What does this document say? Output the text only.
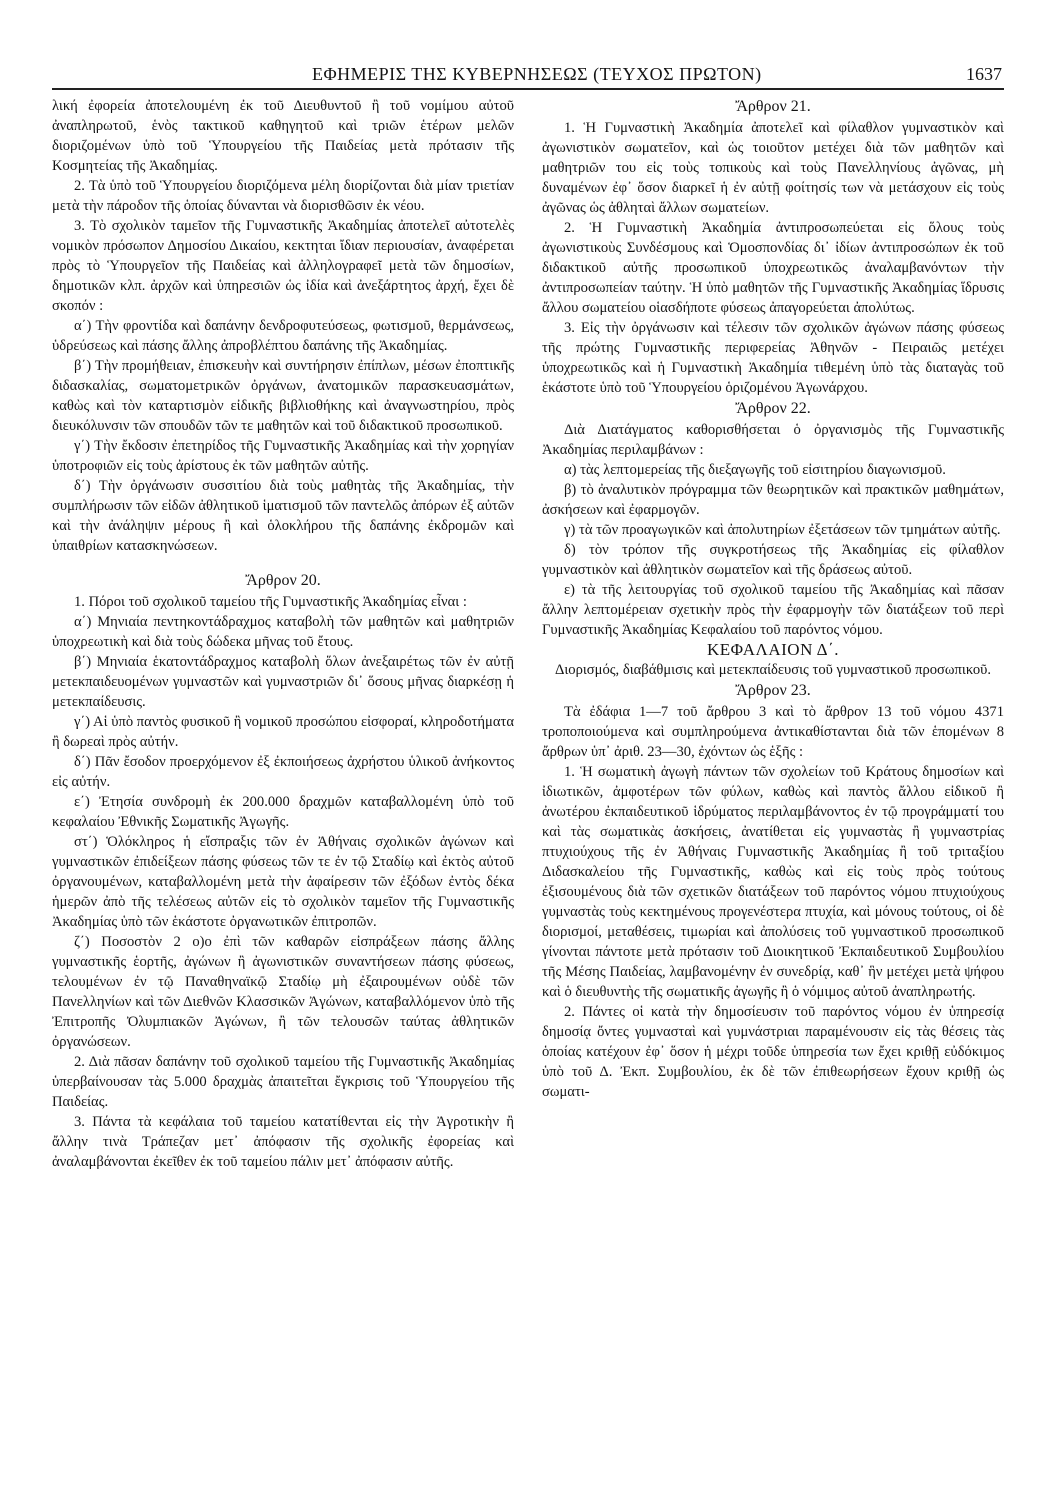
ΕΦΗΜΕΡΙΣ ΤΗΣ ΚΥΒΕΡΝΗΣΕΩΣ (ΤΕΥΧΟΣ ΠΡΩΤΟΝ)	1637

λική ἐφορεία ἀποτελουμένη ἐκ τοῦ Διευθυντοῦ ἢ τοῦ νομίμου αὐτοῦ ἀναπληρωτοῦ, ἑνὸς τακτικοῦ καθηγητοῦ καὶ τριῶν ἑτέρων μελῶν διοριζομένων ὑπὸ τοῦ Ὑπουργείου τῆς Παιδείας μετὰ πρότασιν τῆς Κοσμητείας τῆς Ἀκαδημίας.

2. Τὰ ὑπὸ τοῦ Ὑπουργείου διοριζόμενα μέλη διορίζονται διὰ μίαν τριετίαν μετὰ τὴν πάροδον τῆς ὁποίας δύνανται νὰ διορισθῶσιν ἐκ νέου.

3. Τὸ σχολικὸν ταμεῖον τῆς Γυμναστικῆς Ἀκαδημίας ἀποτελεῖ αὐτοτελὲς νομικὸν πρόσωπον Δημοσίου Δικαίου, κεκτηται ἴδιαν περιουσίαν, ἀναφέρεται πρὸς τὸ Ὑπουργεῖον τῆς Παιδείας καὶ ἀλληλογραφεῖ μετὰ τῶν δημοσίων, δημοτικῶν κλπ. ἀρχῶν καὶ ὑπηρεσιῶν ὡς ἰδία καὶ ἀνεξάρτητος ἀρχή, ἔχει δὲ σκοπόν :

α΄) Τὴν φροντίδα καὶ δαπάνην δενδροφυτεύσεως, φωτισμοῦ, θερμάνσεως, ὑδρεύσεως καὶ πάσης ἄλλης ἀπροβλέπτου δαπάνης τῆς Ἀκαδημίας.

β΄) Τὴν προμήθειαν, ἐπισκευὴν καὶ συντήρησιν ἐπίπλων, μέσων ἐποπτικῆς διδασκαλίας, σωματομετρικῶν ὀργάνων, ἀνατομικῶν παρασκευασμάτων, καθὼς καὶ τὸν καταρτισμὸν εἰδικῆς βιβλιοθήκης καὶ ἀναγνωστηρίου, πρὸς διευκόλυνσιν τῶν σπουδῶν τῶν τε μαθητῶν καὶ τοῦ διδακτικοῦ προσωπικοῦ.

γ΄) Τὴν ἔκδοσιν ἐπετηρίδος τῆς Γυμναστικῆς Ἀκαδημίας καὶ τὴν χορηγίαν ὑποτροφιῶν εἰς τοὺς ἀρίστους ἐκ τῶν μαθητῶν αὐτῆς.

δ΄) Τὴν ὀργάνωσιν συσσιτίου διὰ τοὺς μαθητὰς τῆς Ἀκαδημίας, τὴν συμπλήρωσιν τῶν εἰδῶν ἀθλητικοῦ ἱματισμοῦ τῶν παντελῶς ἀπόρων ἐξ αὐτῶν καὶ τὴν ἀνάληψιν μέρους ἢ καὶ ὁλοκλήρου τῆς δαπάνης ἐκδρομῶν καὶ ὑπαιθρίων κατασκηνώσεων.

Ἄρθρον 20.

1. Πόροι τοῦ σχολικοῦ ταμείου τῆς Γυμναστικῆς Ἀκαδημίας εἶναι :

α΄) Μηνιαία πεντηκοντάδραχμος καταβολὴ τῶν μαθητῶν καὶ μαθητριῶν ὑποχρεωτικὴ καὶ διὰ τοὺς δώδεκα μῆνας τοῦ ἔτους.

β΄) Μηνιαία ἑκατοντάδραχμος καταβολὴ ὅλων ἀνεξαιρέτως τῶν ἐν αὐτῇ μετεκπαιδευομένων γυμναστῶν καὶ γυμναστριῶν δι᾽ ὅσους μῆνας διαρκέσῃ ἡ μετεκπαίδευσις.

γ΄) Αἱ ὑπὸ παντὸς φυσικοῦ ἢ νομικοῦ προσώπου εἰσφοραί, κληροδοτήματα ἢ δωρεαὶ πρὸς αὐτήν.

δ΄) Πᾶν ἔσοδον προερχόμενον ἐξ ἐκποιήσεως ἀχρήστου ὑλικοῦ ἀνήκοντος εἰς αὐτήν.

ε΄) Ἐτησία συνδρομὴ ἐκ 200.000 δραχμῶν καταβαλλομένη ὑπὸ τοῦ κεφαλαίου Ἐθνικῆς Σωματικῆς Ἀγωγῆς.

στ΄) Ὁλόκληρος ἡ εἴσπραξις τῶν ἐν Ἀθήναις σχολικῶν ἀγώνων καὶ γυμναστικῶν ἐπιδείξεων πάσης φύσεως τῶν τε ἐν τῷ Σταδίῳ καὶ ἐκτὸς αὐτοῦ ὀργανουμένων, καταβαλλομένη μετὰ τὴν ἀφαίρεσιν τῶν ἐξόδων ἐντὸς δέκα ἡμερῶν ἀπὸ τῆς τελέσεως αὐτῶν εἰς τὸ σχολικὸν ταμεῖον τῆς Γυμναστικῆς Ἀκαδημίας ὑπὸ τῶν ἑκάστοτε ὀργανωτικῶν ἐπιτροπῶν.

ζ΄) Ποσοστὸν 2 ο)ο ἐπὶ τῶν καθαρῶν εἰσπράξεων πάσης ἄλλης γυμναστικῆς ἑορτῆς, ἀγώνων ἢ ἀγωνιστικῶν συναντήσεων πάσης φύσεως, τελουμένων ἐν τῷ Παναθηναϊκῷ Σταδίῳ μὴ ἐξαιρουμένων οὐδὲ τῶν Πανελληνίων καὶ τῶν Διεθνῶν Κλασσικῶν Ἀγώνων, καταβαλλόμενον ὑπὸ τῆς Ἐπιτροπῆς Ὀλυμπιακῶν Ἀγώνων, ἢ τῶν τελουσῶν ταύτας ἀθλητικῶν ὀργανώσεων.

2. Διὰ πᾶσαν δαπάνην τοῦ σχολικοῦ ταμείου τῆς Γυμναστικῆς Ἀκαδημίας ὑπερβαίνουσαν τὰς 5.000 δραχμὰς ἀπαιτεῖται ἔγκρισις τοῦ Ὑπουργείου τῆς Παιδείας.

3. Πάντα τὰ κεφάλαια τοῦ ταμείου κατατίθενται εἰς τὴν Ἀγροτικὴν ἢ ἄλλην τινὰ Τράπεζαν μετ᾽ ἀπόφασιν τῆς σχολικῆς ἐφορείας καὶ ἀναλαμβάνονται ἐκεῖθεν ἐκ τοῦ ταμείου πάλιν μετ᾽ ἀπόφασιν αὐτῆς.

Ἄρθρον 21.

1. Ἡ Γυμναστικὴ Ἀκαδημία ἀποτελεῖ καὶ φίλαθλον γυμναστικὸν καὶ ἀγωνιστικὸν σωματεῖον, καὶ ὡς τοιοῦτον μετέχει διὰ τῶν μαθητῶν καὶ μαθητριῶν του εἰς τοὺς τοπικοὺς καὶ τοὺς Πανελληνίους ἀγῶνας, μὴ δυναμένων ἐφ᾽ ὅσον διαρκεῖ ἡ ἐν αὐτῇ φοίτησίς των νὰ μετάσχουν εἰς τοὺς ἀγῶνας ὡς ἀθληταὶ ἄλλων σωματείων.

2. Ἡ Γυμναστικὴ Ἀκαδημία ἀντιπροσωπεύεται εἰς ὅλους τοὺς ἀγωνιστικοὺς Συνδέσμους καὶ Ὁμοσπονδίας δι᾽ ἰδίων ἀντιπροσώπων ἐκ τοῦ διδακτικοῦ αὐτῆς προσωπικοῦ ὑποχρεωτικῶς ἀναλαμβανόντων τὴν ἀντιπροσωπείαν ταύτην. Ἡ ὑπὸ μαθητῶν τῆς Γυμναστικῆς Ἀκαδημίας ἵδρυσις ἄλλου σωματείου οἱασδήποτε φύσεως ἀπαγορεύεται ἀπολύτως.

3. Εἰς τὴν ὀργάνωσιν καὶ τέλεσιν τῶν σχολικῶν ἀγώνων πάσης φύσεως τῆς πρώτης Γυμναστικῆς περιφερείας Ἀθηνῶν - Πειραιῶς μετέχει ὑποχρεωτικῶς καὶ ἡ Γυμναστικὴ Ἀκαδημία τιθεμένη ὑπὸ τὰς διαταγὰς τοῦ ἑκάστοτε ὑπὸ τοῦ Ὑπουργείου ὁριζομένου Ἀγωνάρχου.

Ἄρθρον 22.

Διὰ Διατάγματος καθορισθήσεται ὁ ὀργανισμὸς τῆς Γυμναστικῆς Ἀκαδημίας περιλαμβάνων :

α) τὰς λεπτομερείας τῆς διεξαγωγῆς τοῦ εἰσιτηρίου διαγωνισμοῦ.

β) τὸ ἀναλυτικὸν πρόγραμμα τῶν θεωρητικῶν καὶ πρακτικῶν μαθημάτων, ἀσκήσεων καὶ ἐφαρμογῶν.

γ) τὰ τῶν προαγωγικῶν καὶ ἀπολυτηρίων ἐξετάσεων τῶν τμημάτων αὐτῆς.

δ) τὸν τρόπον τῆς συγκροτήσεως τῆς Ἀκαδημίας εἰς φίλαθλον γυμναστικὸν καὶ ἀθλητικὸν σωματεῖον καὶ τῆς δράσεως αὐτοῦ.

ε) τὰ τῆς λειτουργίας τοῦ σχολικοῦ ταμείου τῆς Ἀκαδημίας καὶ πᾶσαν ἄλλην λεπτομέρειαν σχετικὴν πρὸς τὴν ἐφαρμογὴν τῶν διατάξεων τοῦ περὶ Γυμναστικῆς Ἀκαδημίας Κεφαλαίου τοῦ παρόντος νόμου.

ΚΕΦΑΛΑΙΟΝ Δ΄.

Διορισμός, διαβάθμισις καὶ μετεκπαίδευσις τοῦ γυμναστικοῦ προσωπικοῦ.

Ἄρθρον 23.

Τὰ ἐδάφια 1—7 τοῦ ἄρθρου 3 καὶ τὸ ἄρθρον 13 τοῦ νόμου 4371 τροποποιούμενα καὶ συμπληρούμενα ἀντικαθίστανται διὰ τῶν ἑπομένων 8 ἄρθρων ὑπ᾽ ἀριθ. 23—30, ἐχόντων ὡς ἑξῆς :

1. Ἡ σωματικὴ ἀγωγὴ πάντων τῶν σχολείων τοῦ Κράτους δημοσίων καὶ ἰδιωτικῶν, ἀμφοτέρων τῶν φύλων, καθὼς καὶ παντὸς ἄλλου εἰδικοῦ ἢ ἀνωτέρου ἐκπαιδευτικοῦ ἱδρύματος περιλαμβάνοντος ἐν τῷ προγράμματί του καὶ τὰς σωματικὰς ἀσκήσεις, ἀνατίθεται εἰς γυμναστὰς ἢ γυμναστρίας πτυχιούχους τῆς ἐν Ἀθήναις Γυμναστικῆς Ἀκαδημίας ἢ τοῦ τριταξίου Διδασκαλείου τῆς Γυμναστικῆς, καθὼς καὶ εἰς τοὺς πρὸς τούτους ἐξισουμένους διὰ τῶν σχετικῶν διατάξεων τοῦ παρόντος νόμου πτυχιούχους γυμναστὰς τοὺς κεκτημένους προγενέστερα πτυχία, καὶ μόνους τούτους, οἱ δὲ διορισμοί, μεταθέσεις, τιμωρίαι καὶ ἀπολύσεις τοῦ γυμναστικοῦ προσωπικοῦ γίνονται πάντοτε μετὰ πρότασιν τοῦ Διοικητικοῦ Ἐκπαιδευτικοῦ Συμβουλίου τῆς Μέσης Παιδείας, λαμβανομένην ἐν συνεδρίᾳ, καθ᾽ ἣν μετέχει μετὰ ψήφου καὶ ὁ διευθυντὴς τῆς σωματικῆς ἀγωγῆς ἢ ὁ νόμιμος αὐτοῦ ἀναπληρωτής.

2. Πάντες οἱ κατὰ τὴν δημοσίευσιν τοῦ παρόντος νόμου ἐν ὑπηρεσίᾳ δημοσίᾳ ὄντες γυμνασταὶ καὶ γυμνάστριαι παραμένουσιν εἰς τὰς θέσεις τὰς ὁποίας κατέχουν ἐφ᾽ ὅσον ἡ μέχρι τοῦδε ὑπηρεσία των ἔχει κριθῇ εὐδόκιμος ὑπὸ τοῦ Δ. Ἐκπ. Συμβουλίου, ἐκ δὲ τῶν ἐπιθεωρήσεων ἔχουν κριθῇ ὡς σωματι-
